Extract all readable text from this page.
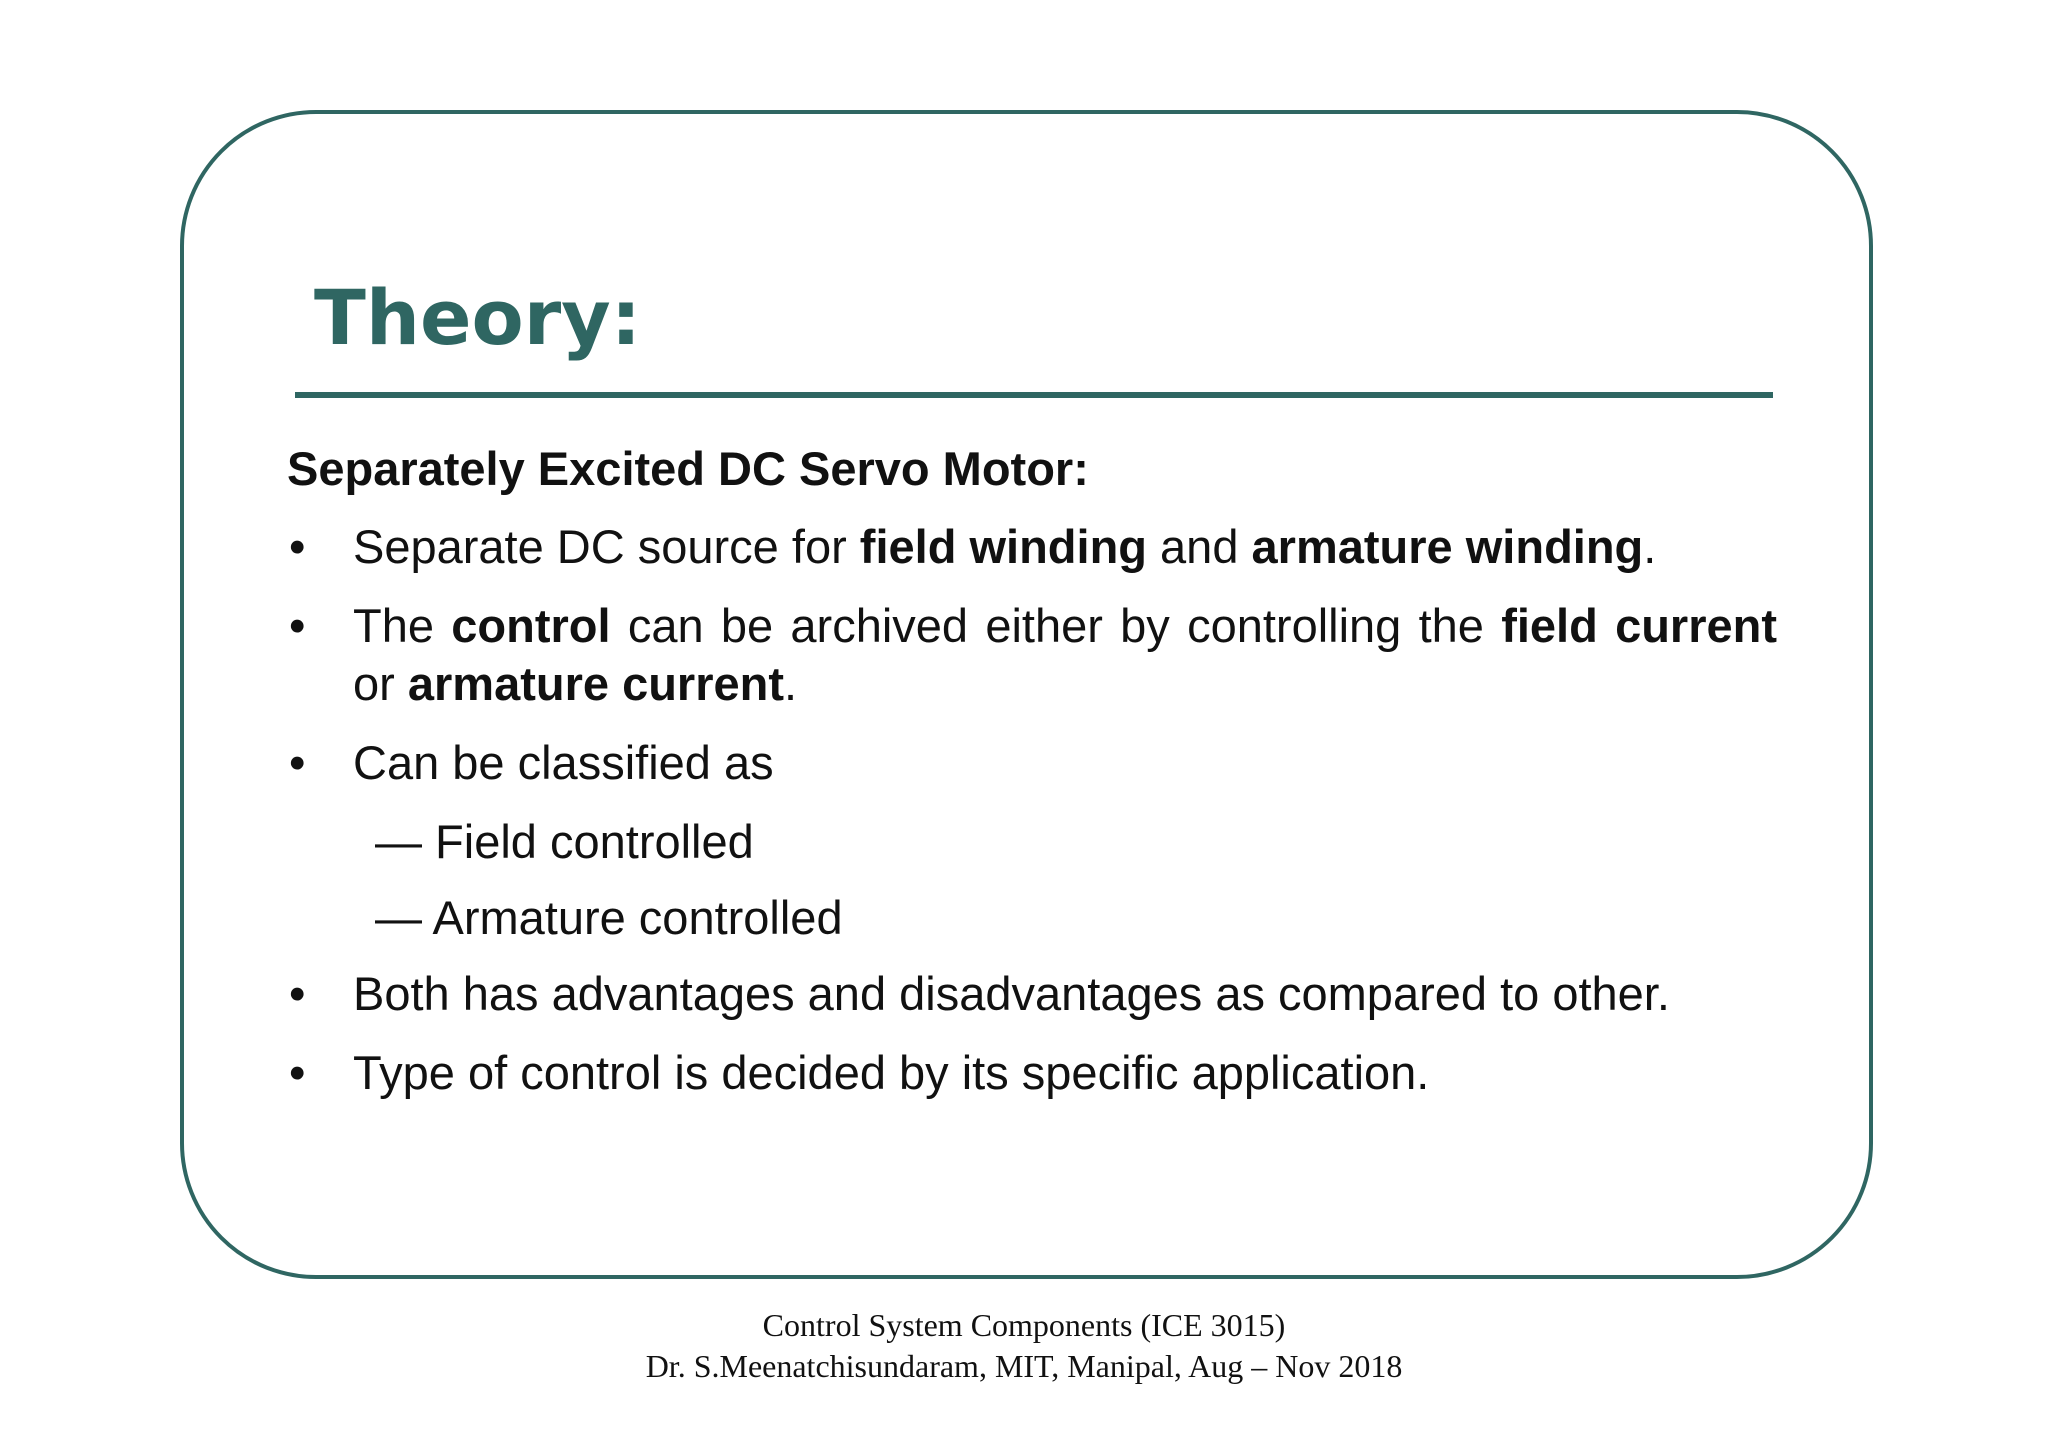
Theory:
Separately Excited DC Servo Motor:
• Separate DC source for field winding and armature winding.
• The control can be archived either by controlling the field current or armature current.
• Can be classified as
— Field controlled
— Armature controlled
• Both has advantages and disadvantages as compared to other.
• Type of control is decided by its specific application.
Control System Components (ICE 3015)
Dr. S.Meenatchisundaram, MIT, Manipal, Aug – Nov 2018
